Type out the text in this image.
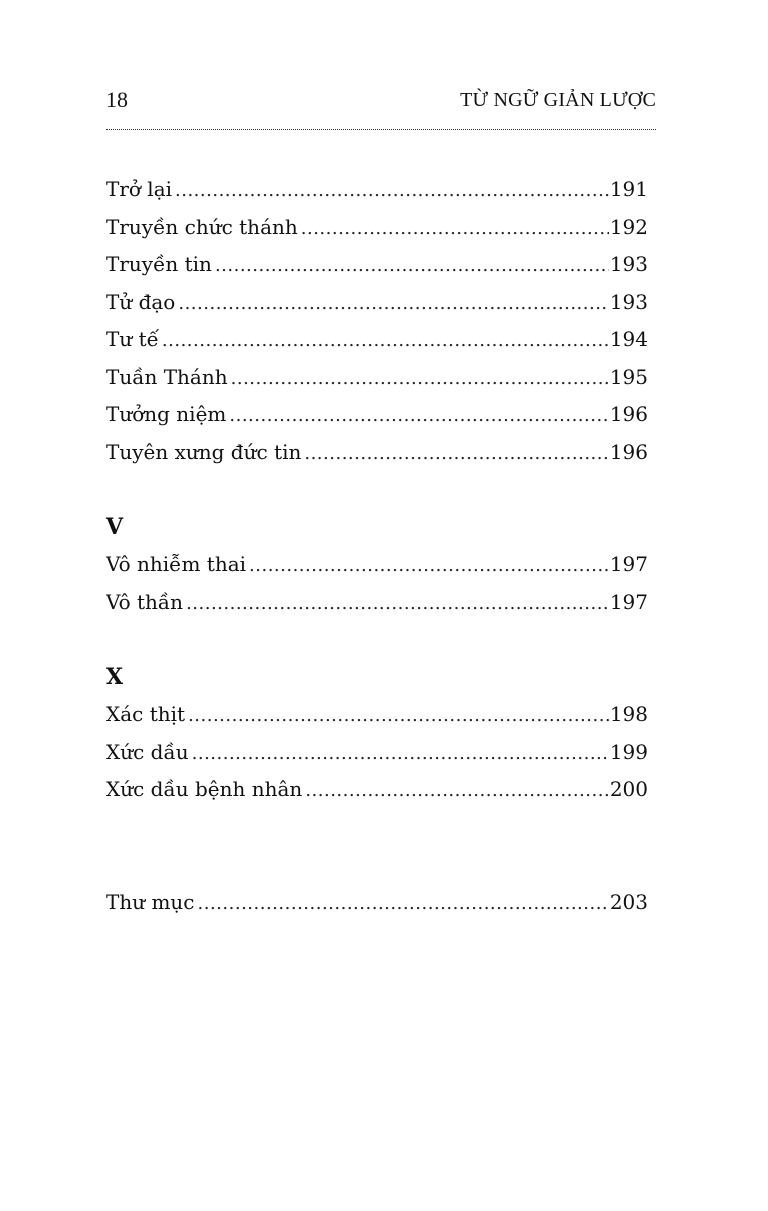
18	TỪ NGỮ GIẢN LƯỢC
Trở lại .....	191
Truyền chức thánh .....	192
Truyền tin .....	193
Tử đạo .....	193
Tư tế .....	194
Tuần Thánh .....	195
Tưởng niệm .....	196
Tuyên xưng đức tin .....	196
V
Vô nhiễm thai .....	197
Vô thần .....	197
X
Xác thịt .....	198
Xức dầu .....	199
Xức dầu bệnh nhân .....	200
Thư mục .....	203
